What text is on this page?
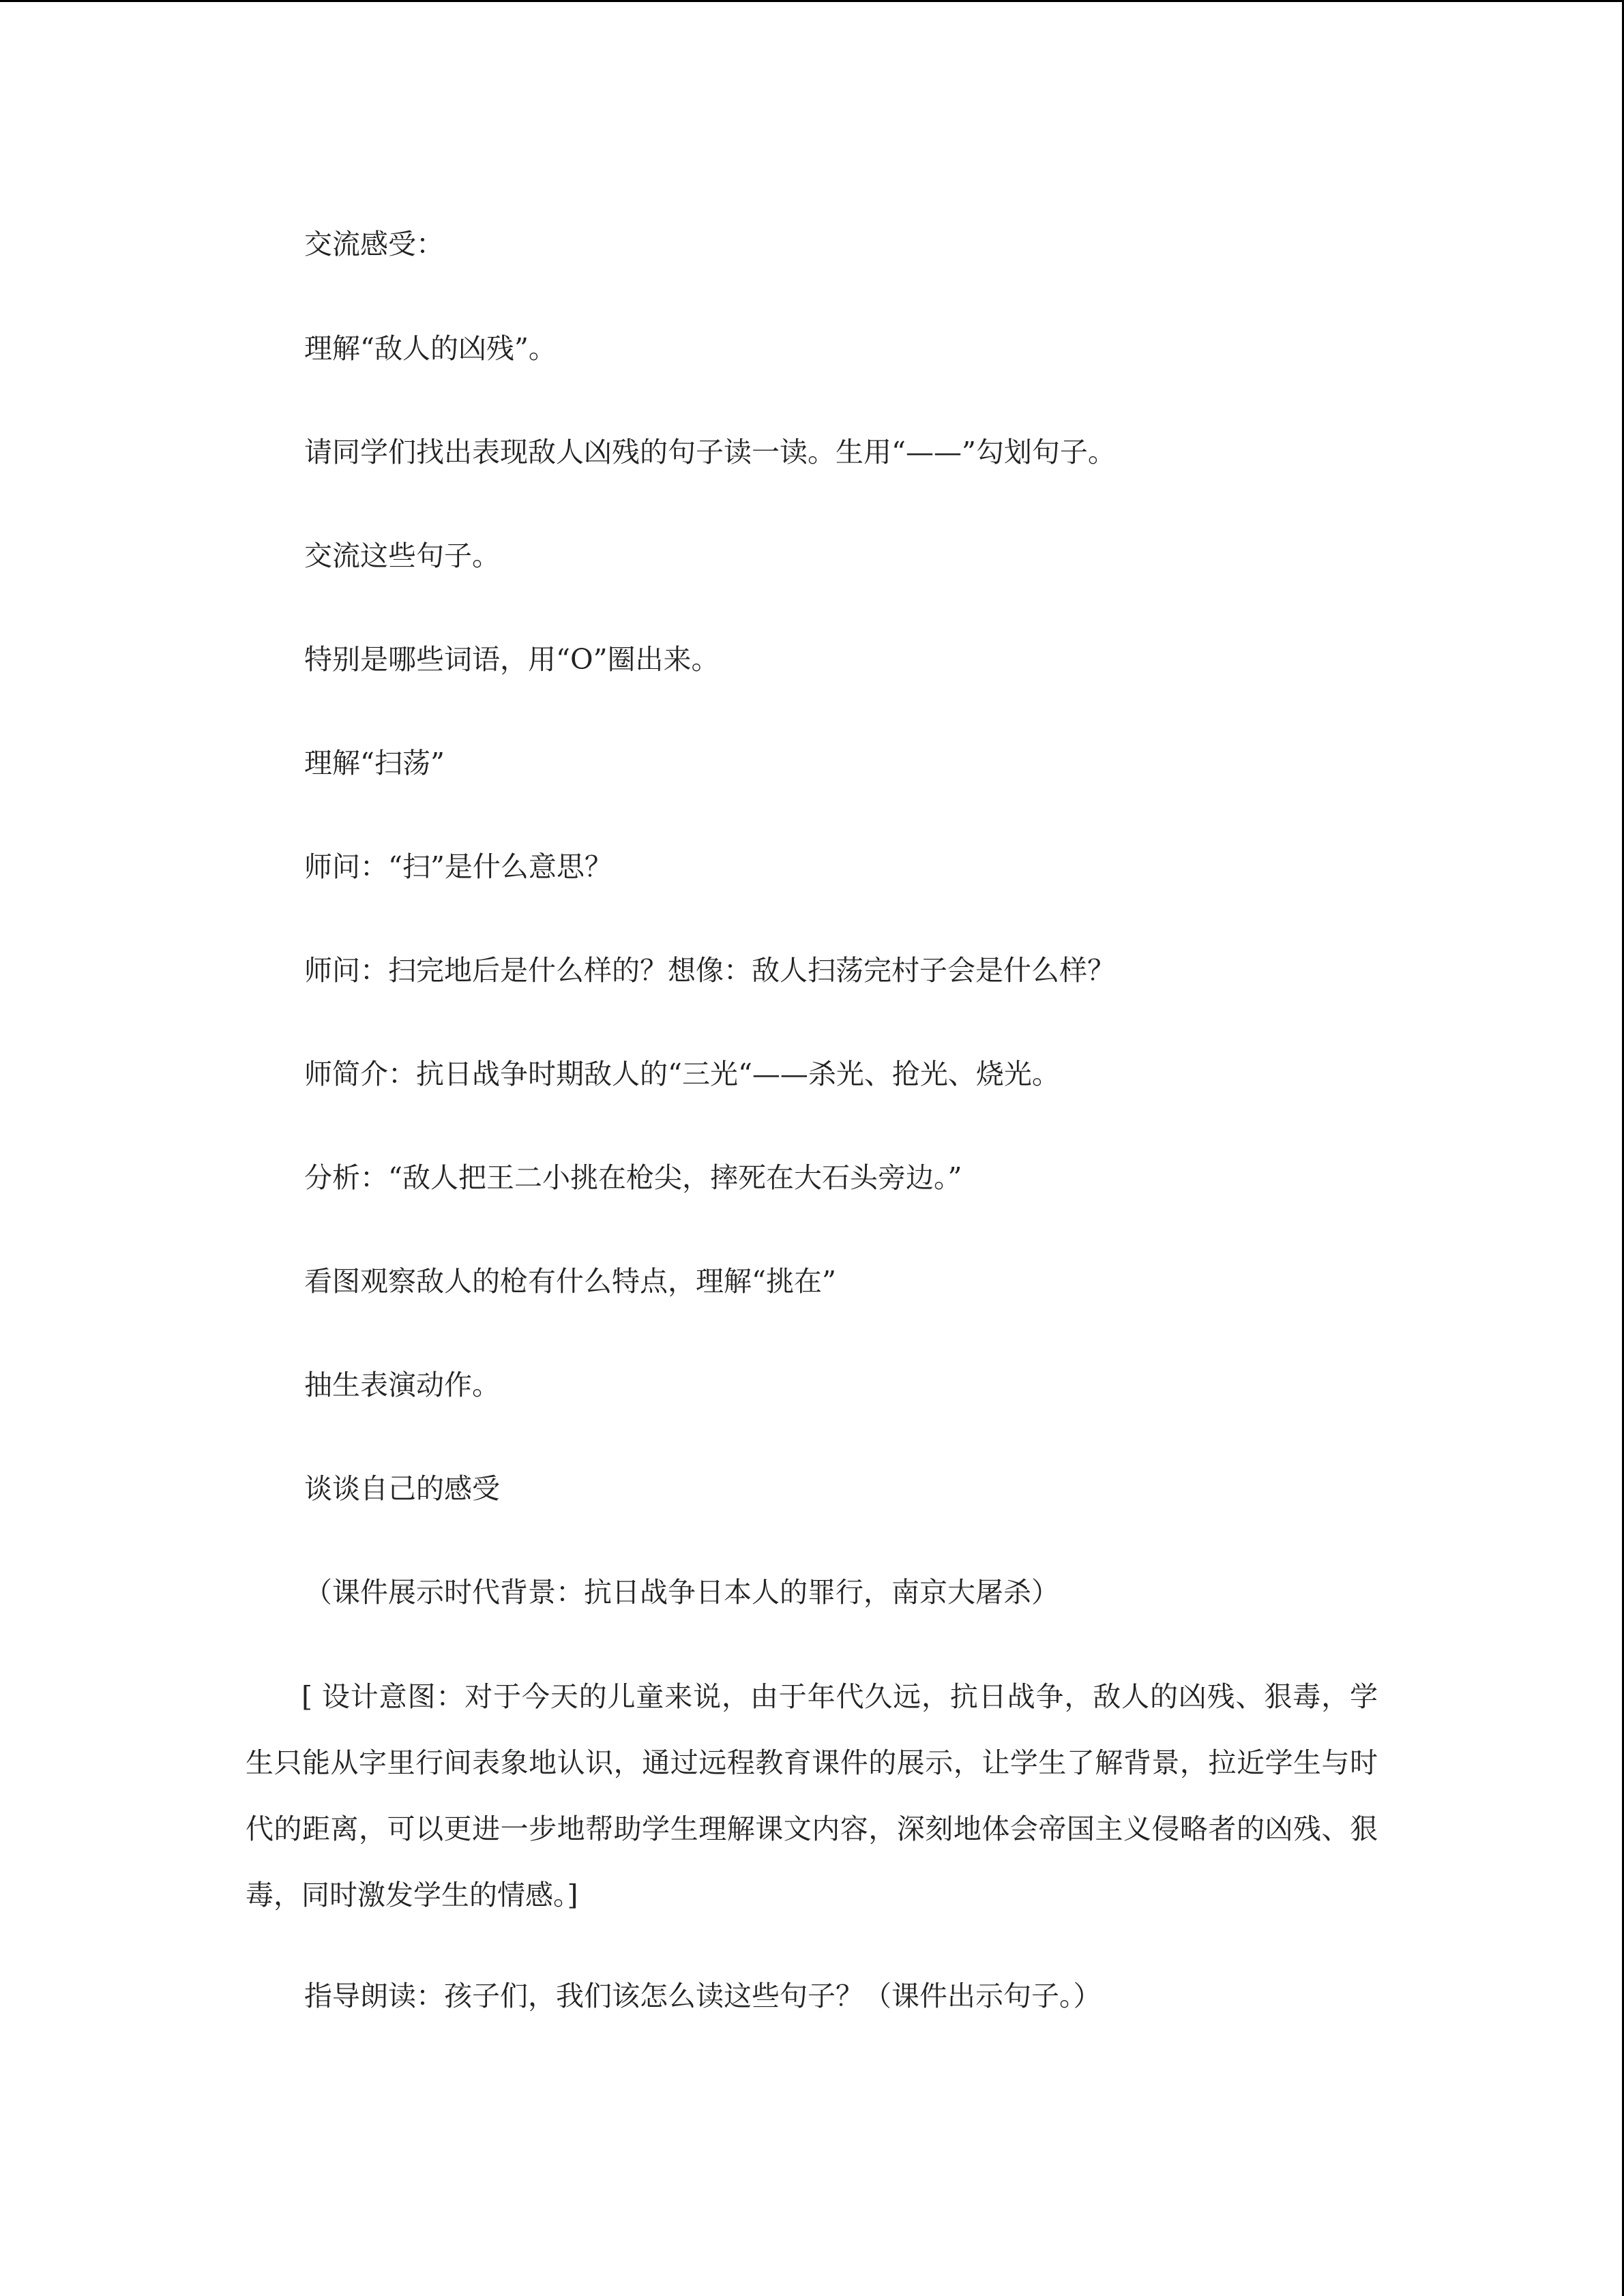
交流感受：

理解“敌人的凶残”。

请同学们找出表现敌人凶残的句子读一读。生用“——”勾划句子。

交流这些句子。

特别是哪些词语，用“O”圈出来。

理解“扫荡”

师问：“扫”是什么意思？

师问：扫完地后是什么样的？想像：敌人扫荡完村子会是什么样？

师简介：抗日战争时期敌人的“三光“——杀光、抢光、烧光。

分析：“敌人把王二小挑在枪尖，摔死在大石头旁边。”

看图观察敌人的枪有什么特点，理解“挑在”

抽生表演动作。

谈谈自己的感受

（课件展示时代背景：抗日战争日本人的罪行，南京大屠杀）

[ 设计意图：对于今天的儿童来说，由于年代久远，抗日战争，敌人的凶残、狠毒，学生只能从字里行间表象地认识，通过远程教育课件的展示，让学生了解背景，拉近学生与时代的距离，可以更进一步地帮助学生理解课文内容，深刻地体会帝国主义侵略者的凶残、狠毒，同时激发学生的情感。]

指导朗读：孩子们，我们该怎么读这些句子？（课件出示句子。）
